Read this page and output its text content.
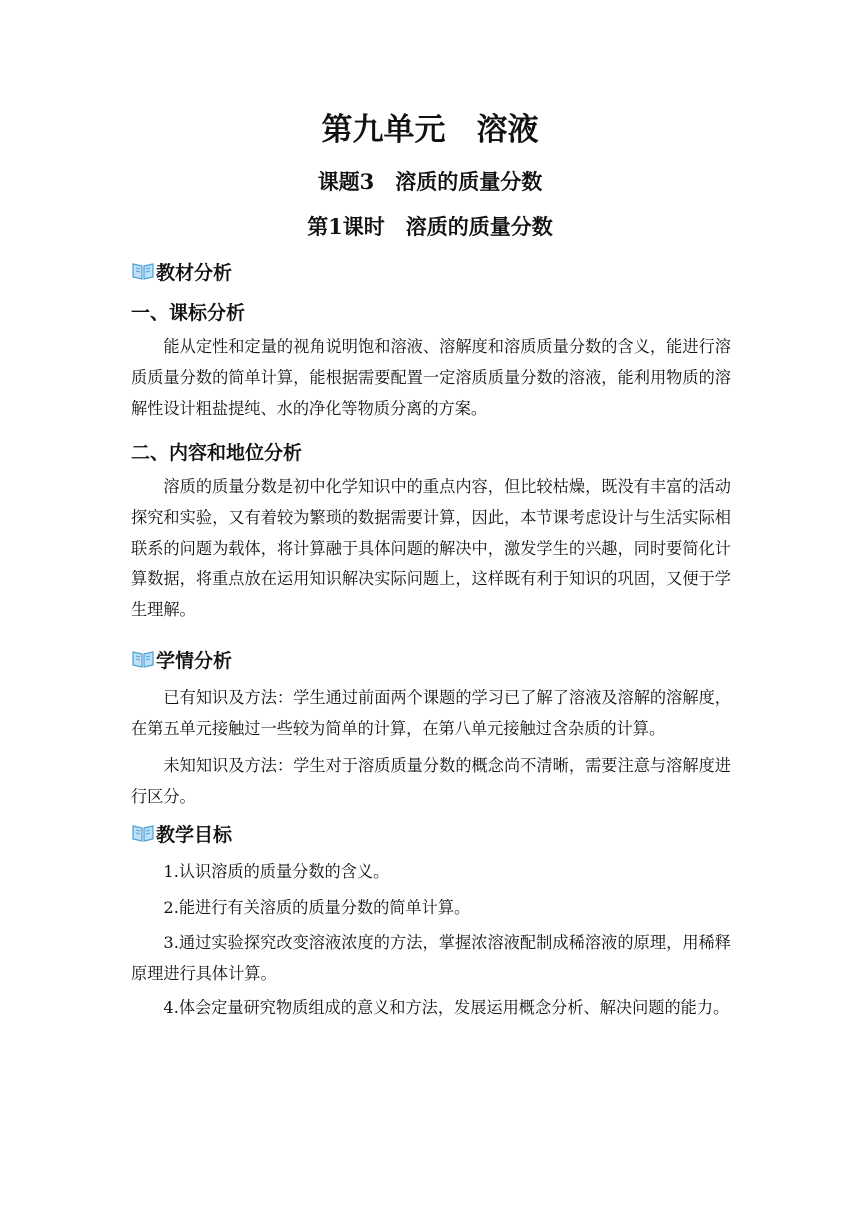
第九单元　溶液
课题3　溶质的质量分数
第1课时　溶质的质量分数
教材分析
一、课标分析
能从定性和定量的视角说明饱和溶液、溶解度和溶质质量分数的含义，能进行溶质质量分数的简单计算，能根据需要配置一定溶质质量分数的溶液，能利用物质的溶解性设计粗盐提纯、水的净化等物质分离的方案。
二、内容和地位分析
溶质的质量分数是初中化学知识中的重点内容，但比较枯燥，既没有丰富的活动探究和实验，又有着较为繁琐的数据需要计算，因此，本节课考虑设计与生活实际相联系的问题为载体，将计算融于具体问题的解决中，激发学生的兴趣，同时要简化计算数据，将重点放在运用知识解决实际问题上，这样既有利于知识的巩固，又便于学生理解。
学情分析
已有知识及方法：学生通过前面两个课题的学习已了解了溶液及溶解的溶解度，在第五单元接触过一些较为简单的计算，在第八单元接触过含杂质的计算。
未知知识及方法：学生对于溶质质量分数的概念尚不清晰，需要注意与溶解度进行区分。
教学目标
1.认识溶质的质量分数的含义。
2.能进行有关溶质的质量分数的简单计算。
3.通过实验探究改变溶液浓度的方法，掌握浓溶液配制成稀溶液的原理，用稀释原理进行具体计算。
4.体会定量研究物质组成的意义和方法，发展运用概念分析、解决问题的能力。
